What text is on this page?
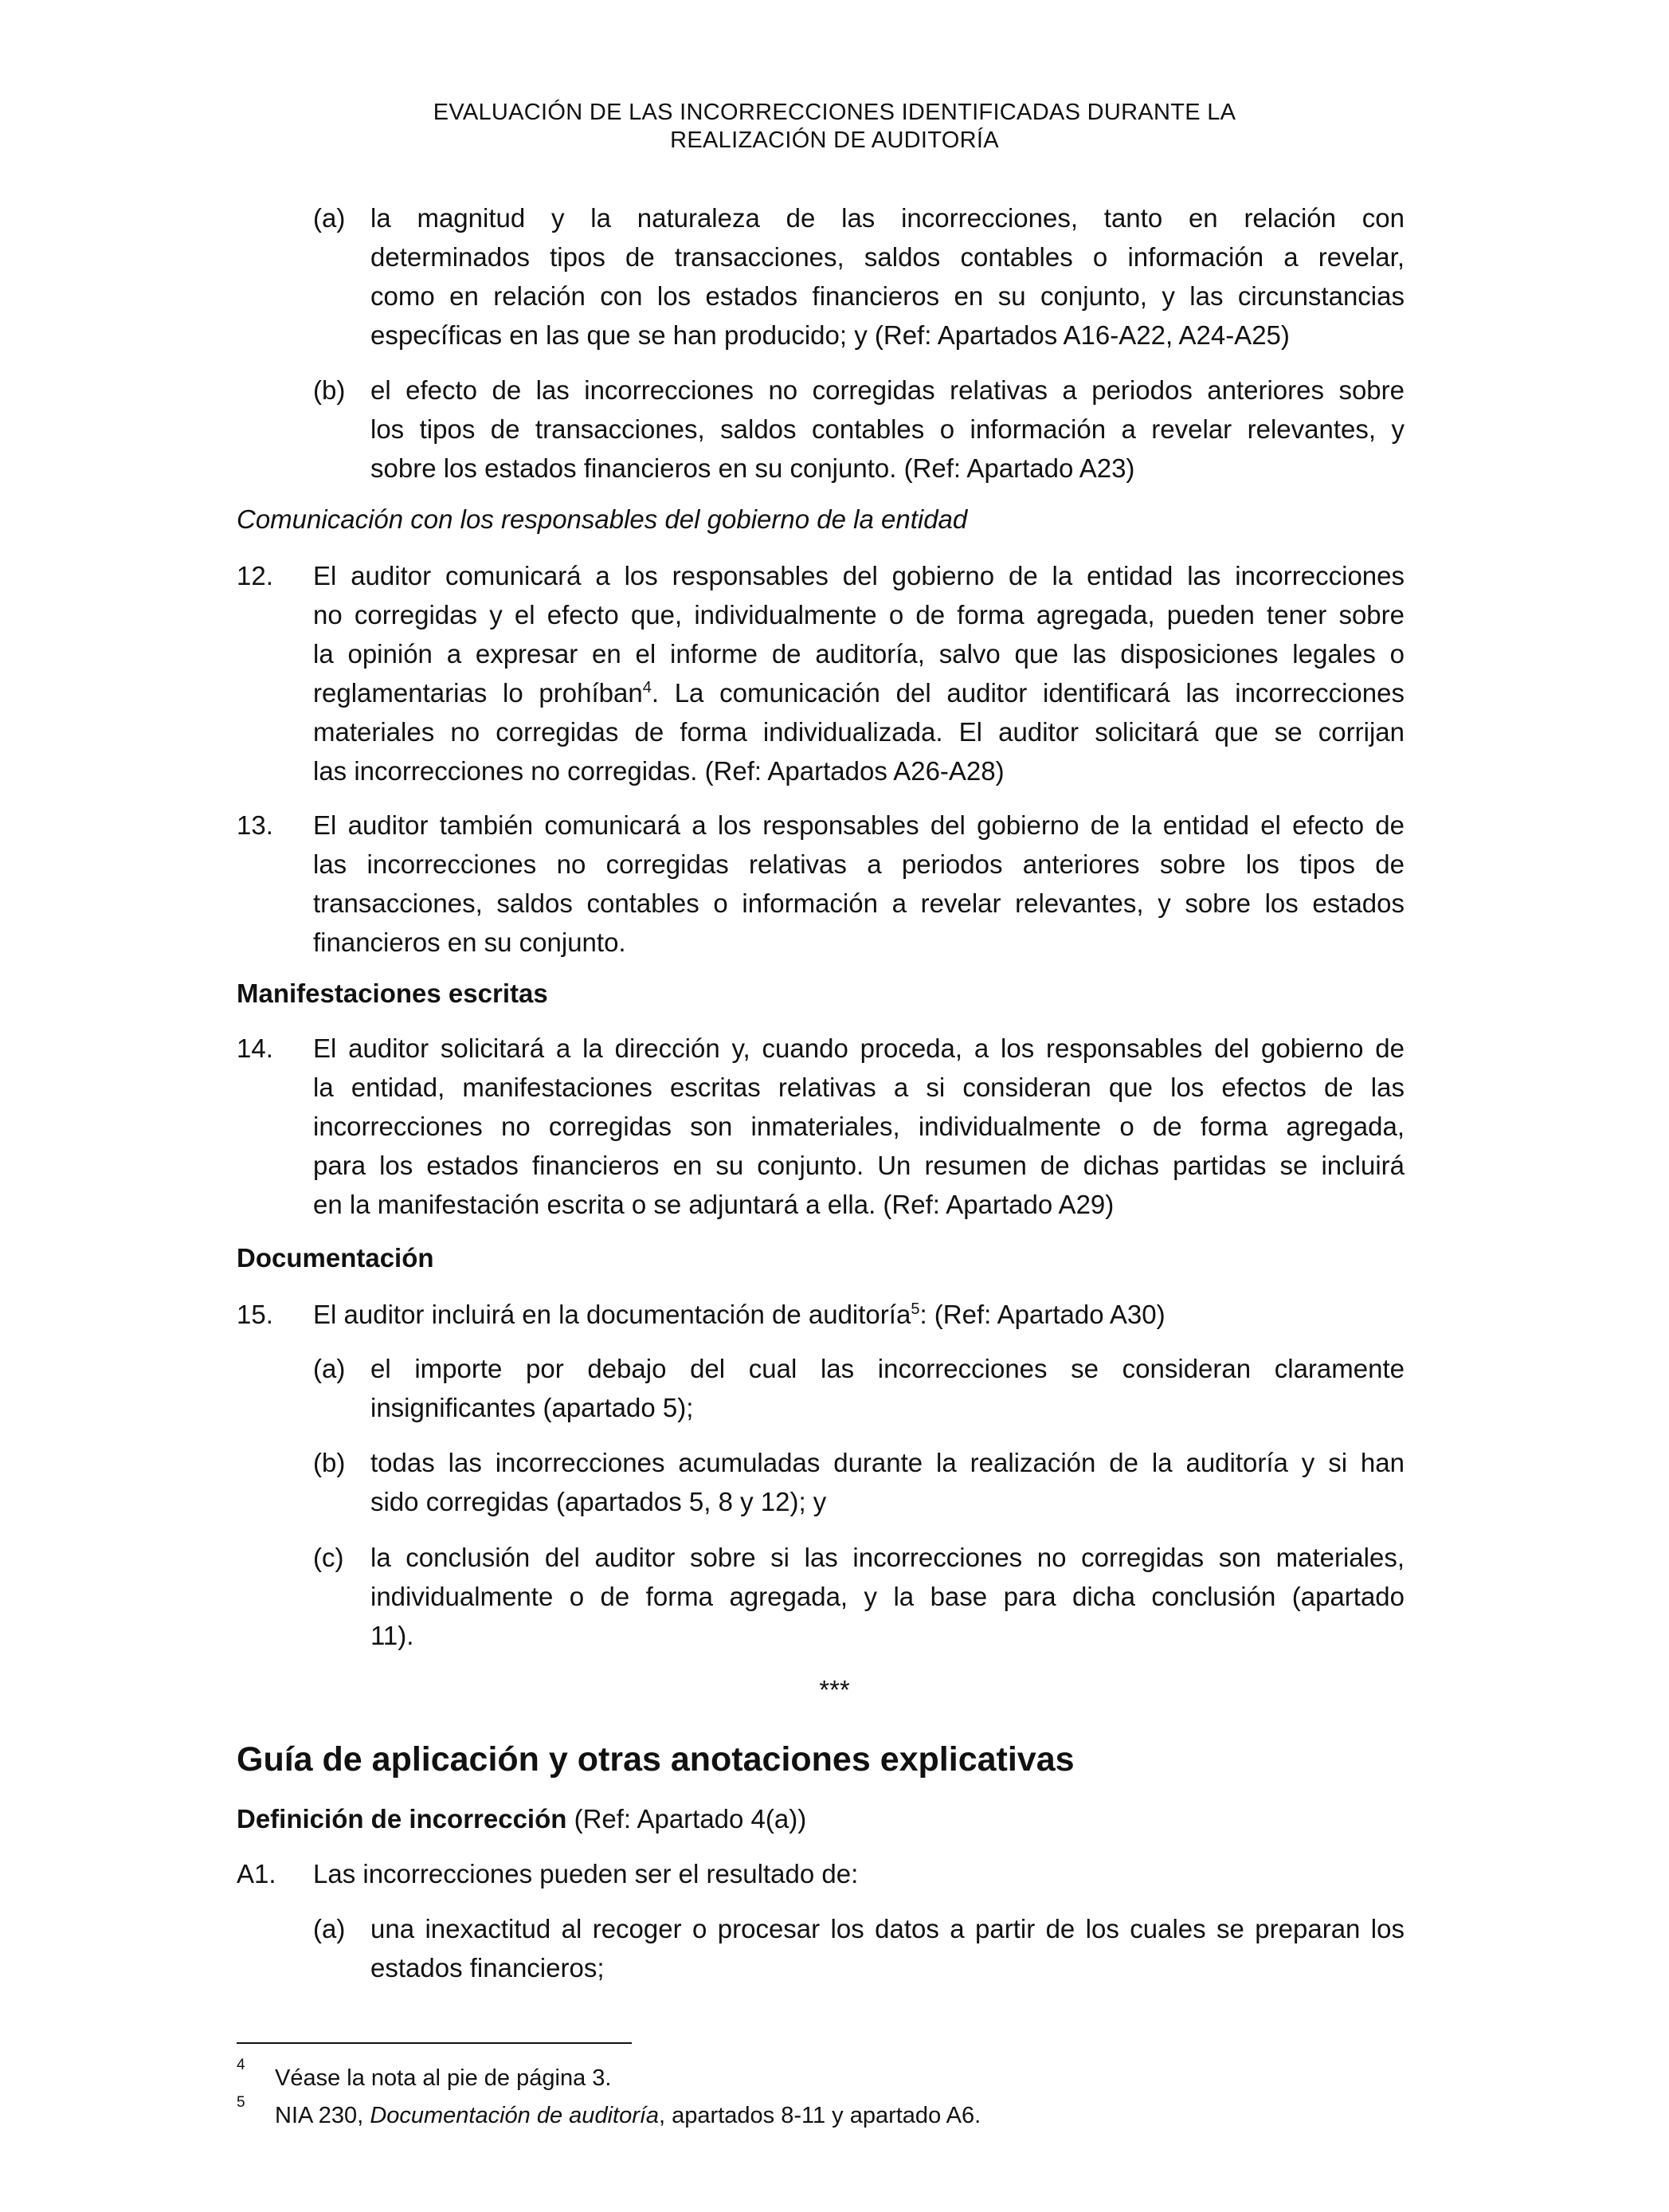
EVALUACIÓN DE LAS INCORRECCIONES IDENTIFICADAS DURANTE LA
REALIZACIÓN DE AUDITORÍA
(a) la magnitud y la naturaleza de las incorrecciones, tanto en relación con
determinados tipos de transacciones, saldos contables o información a revelar,
como en relación con los estados financieros en su conjunto, y las circunstancias
específicas en las que se han producido; y (Ref: Apartados A16-A22, A24-A25)
(b) el efecto de las incorrecciones no corregidas relativas a periodos anteriores sobre
los tipos de transacciones, saldos contables o información a revelar relevantes, y
sobre los estados financieros en su conjunto. (Ref: Apartado A23)
Comunicación con los responsables del gobierno de la entidad
12. El auditor comunicará a los responsables del gobierno de la entidad las incorrecciones
no corregidas y el efecto que, individualmente o de forma agregada, pueden tener sobre
la opinión a expresar en el informe de auditoría, salvo que las disposiciones legales o
reglamentarias lo prohíban$^4$. La comunicación del auditor identificará las incorrecciones
materiales no corregidas de forma individualizada. El auditor solicitará que se corrijan
las incorrecciones no corregidas. (Ref: Apartados A26-A28)
13. El auditor también comunicará a los responsables del gobierno de la entidad el efecto de
las incorrecciones no corregidas relativas a periodos anteriores sobre los tipos de
transacciones, saldos contables o información a revelar relevantes, y sobre los estados
financieros en su conjunto.
Manifestaciones escritas
14. El auditor solicitará a la dirección y, cuando proceda, a los responsables del gobierno de
la entidad, manifestaciones escritas relativas a si consideran que los efectos de las
incorrecciones no corregidas son inmateriales, individualmente o de forma agregada,
para los estados financieros en su conjunto. Un resumen de dichas partidas se incluirá
en la manifestación escrita o se adjuntará a ella. (Ref: Apartado A29)
Documentación
15. El auditor incluirá en la documentación de auditoría$^5$: (Ref: Apartado A30)
(a) el importe por debajo del cual las incorrecciones se consideran claramente
insignificantes (apartado 5);
(b) todas las incorrecciones acumuladas durante la realización de la auditoría y si han
sido corregidas (apartados 5, 8 y 12); y
(c) la conclusión del auditor sobre si las incorrecciones no corregidas son materiales,
individualmente o de forma agregada, y la base para dicha conclusión (apartado
11).
***
Guía de aplicación y otras anotaciones explicativas
Definición de incorrección (Ref: Apartado 4(a))
A1. Las incorrecciones pueden ser el resultado de:
(a) una inexactitud al recoger o procesar los datos a partir de los cuales se preparan los
estados financieros;
4
Véase la nota al pie de página 3.
5
NIA 230, Documentación de auditoría, apartados 8-11 y apartado A6.
